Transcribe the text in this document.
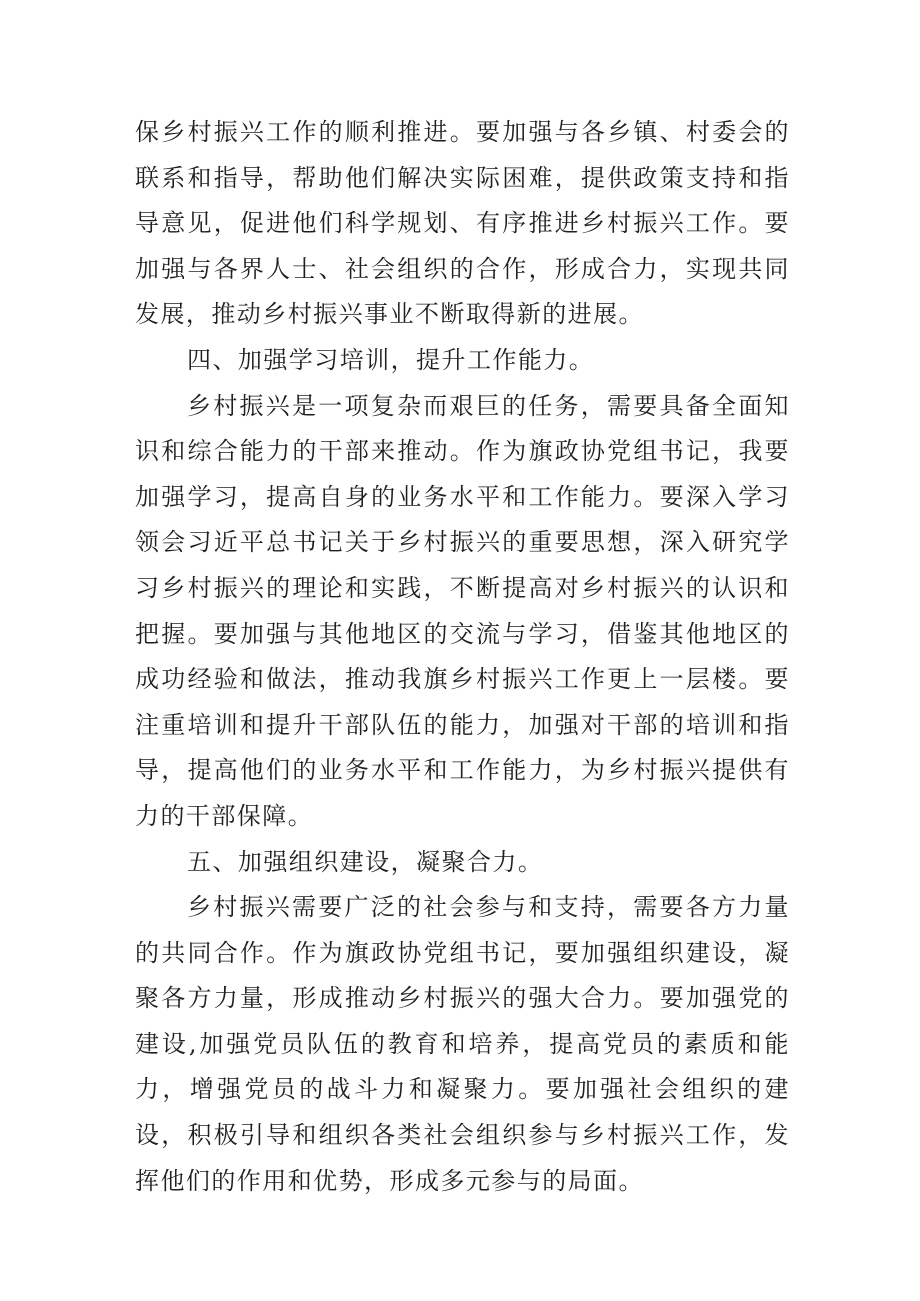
保乡村振兴工作的顺利推进。要加强与各乡镇、村委会的联系和指导，帮助他们解决实际困难，提供政策支持和指导意见，促进他们科学规划、有序推进乡村振兴工作。要加强与各界人士、社会组织的合作，形成合力，实现共同发展，推动乡村振兴事业不断取得新的进展。

四、加强学习培训，提升工作能力。

乡村振兴是一项复杂而艰巨的任务，需要具备全面知识和综合能力的干部来推动。作为旗政协党组书记，我要加强学习，提高自身的业务水平和工作能力。要深入学习领会习近平总书记关于乡村振兴的重要思想，深入研究学习乡村振兴的理论和实践，不断提高对乡村振兴的认识和把握。要加强与其他地区的交流与学习，借鉴其他地区的成功经验和做法，推动我旗乡村振兴工作更上一层楼。要注重培训和提升干部队伍的能力，加强对干部的培训和指导，提高他们的业务水平和工作能力，为乡村振兴提供有力的干部保障。

五、加强组织建设，凝聚合力。

乡村振兴需要广泛的社会参与和支持，需要各方力量的共同合作。作为旗政协党组书记，要加强组织建设，凝聚各方力量，形成推动乡村振兴的强大合力。要加强党的建设,加强党员队伍的教育和培养，提高党员的素质和能力，增强党员的战斗力和凝聚力。要加强社会组织的建设，积极引导和组织各类社会组织参与乡村振兴工作，发挥他们的作用和优势，形成多元参与的局面。
